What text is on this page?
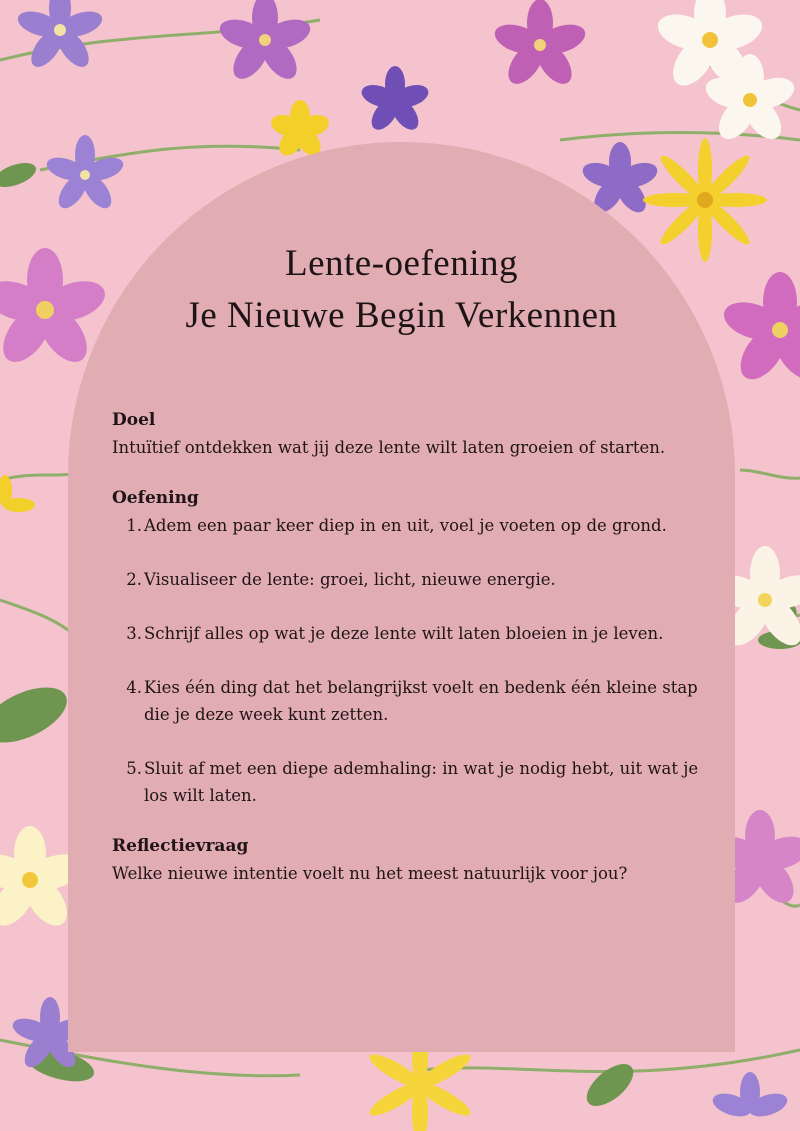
Lente-oefening
Je Nieuwe Begin Verkennen
Doel

Intuïtief ontdekken wat jij deze lente wilt laten groeien of starten.

Oefening
1. Adem een paar keer diep in en uit, voel je voeten op de grond.
2. Visualiseer de lente: groei, licht, nieuwe energie.
3. Schrijf alles op wat je deze lente wilt laten bloeien in je leven.
4. Kies één ding dat het belangrijkst voelt en bedenk één kleine stap die je deze week kunt zetten.
5. Sluit af met een diepe ademhaling: in wat je nodig hebt, uit wat je los wilt laten.
Reflectievraag

Welke nieuwe intentie voelt nu het meest natuurlijk voor jou?
